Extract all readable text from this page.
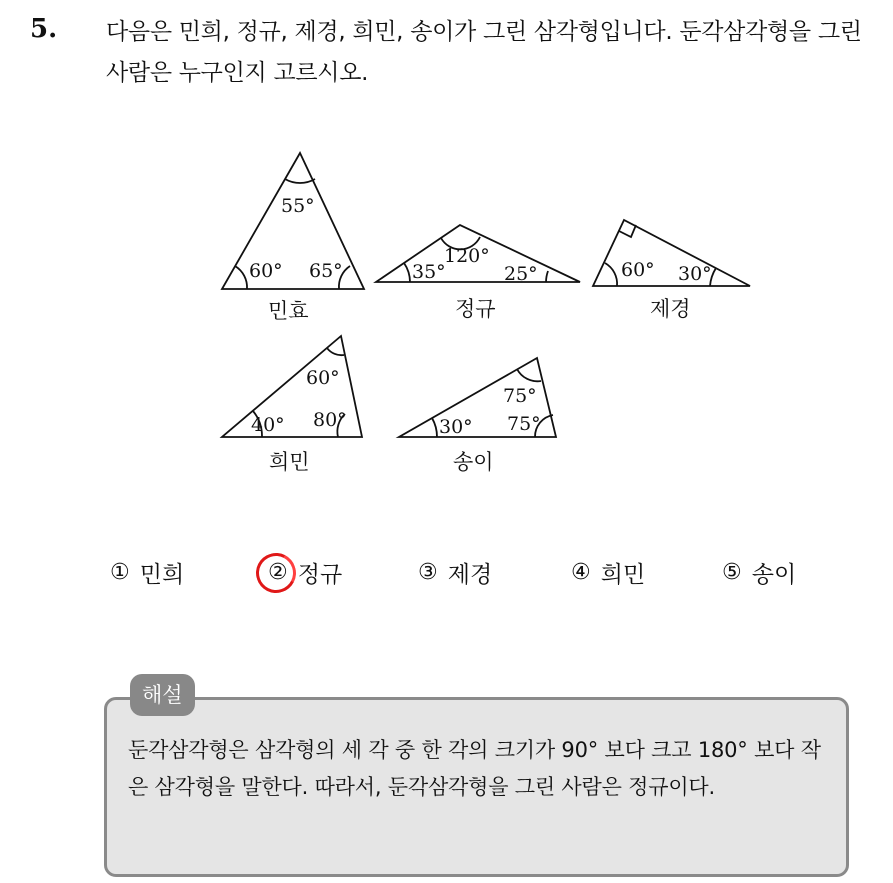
5. 다음은 민희, 정규, 제경, 희민, 송이가 그린 삼각형입니다. 둔각삼각형을 그린 사람은 누구인지 고르시오.
55°
60° 65°
민효
120°
35°	25°
정규
60° 30°
제경
60°
40° 80°
희민
75°
30° 75°
송이
① 민희	② 정규	③ 제경	④ 희민	⑤ 송이
해설
둔각삼각형은 삼각형의 세 각 중 한 각의 크기가 90° 보다 크고 180° 보다 작은 삼각형을 말한다. 따라서, 둔각삼각형을 그린 사람은 정규이다.
